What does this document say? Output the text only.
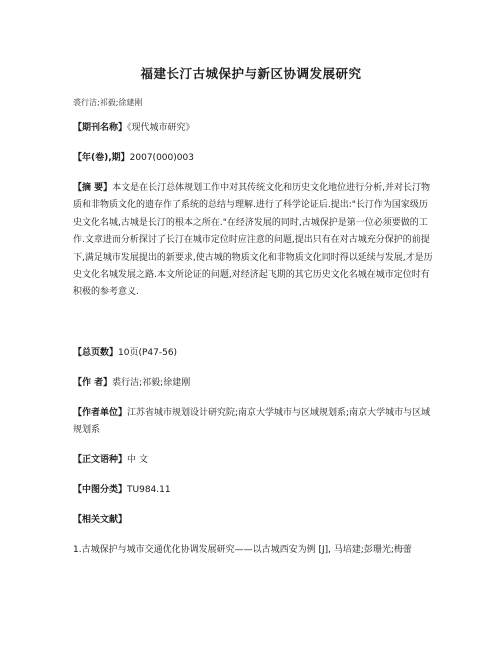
福建长汀古城保护与新区协调发展研究
裘行洁;祁毅;徐建刚

【期刊名称】《现代城市研究》

【年(卷),期】2007(000)003

【摘 要】本文是在长汀总体规划工作中对其传统文化和历史文化地位进行分析,并对长汀物质和非物质文化的遗存作了系统的总结与理解.进行了科学论证后.提出:"长汀作为国家级历史文化名城,古城是长汀的根本之所在."在经济发展的同时,古城保护是第一位必须要做的工作.文章进而分析探讨了长汀在城市定位时应注意的问题,提出只有在对古城充分保护的前提下,满足城市发展提出的新要求,使古城的物质文化和非物质文化同时得以延续与发展,才是历史文化名城发展之路.本文所论证的问题,对经济起飞期的其它历史文化名城在城市定位时有积极的参考意义.

【总页数】10页(P47-56)

【作 者】裘行洁;祁毅;徐建刚

【作者单位】江苏省城市规划设计研究院;南京大学城市与区域规划系;南京大学城市与区域规划系

【正文语种】中 文

【中图分类】TU984.11

【相关文献】

1.古城保护与城市交通优化协调发展研究——以古城西安为例 [J], 马培建;彭珊光;梅蕾
